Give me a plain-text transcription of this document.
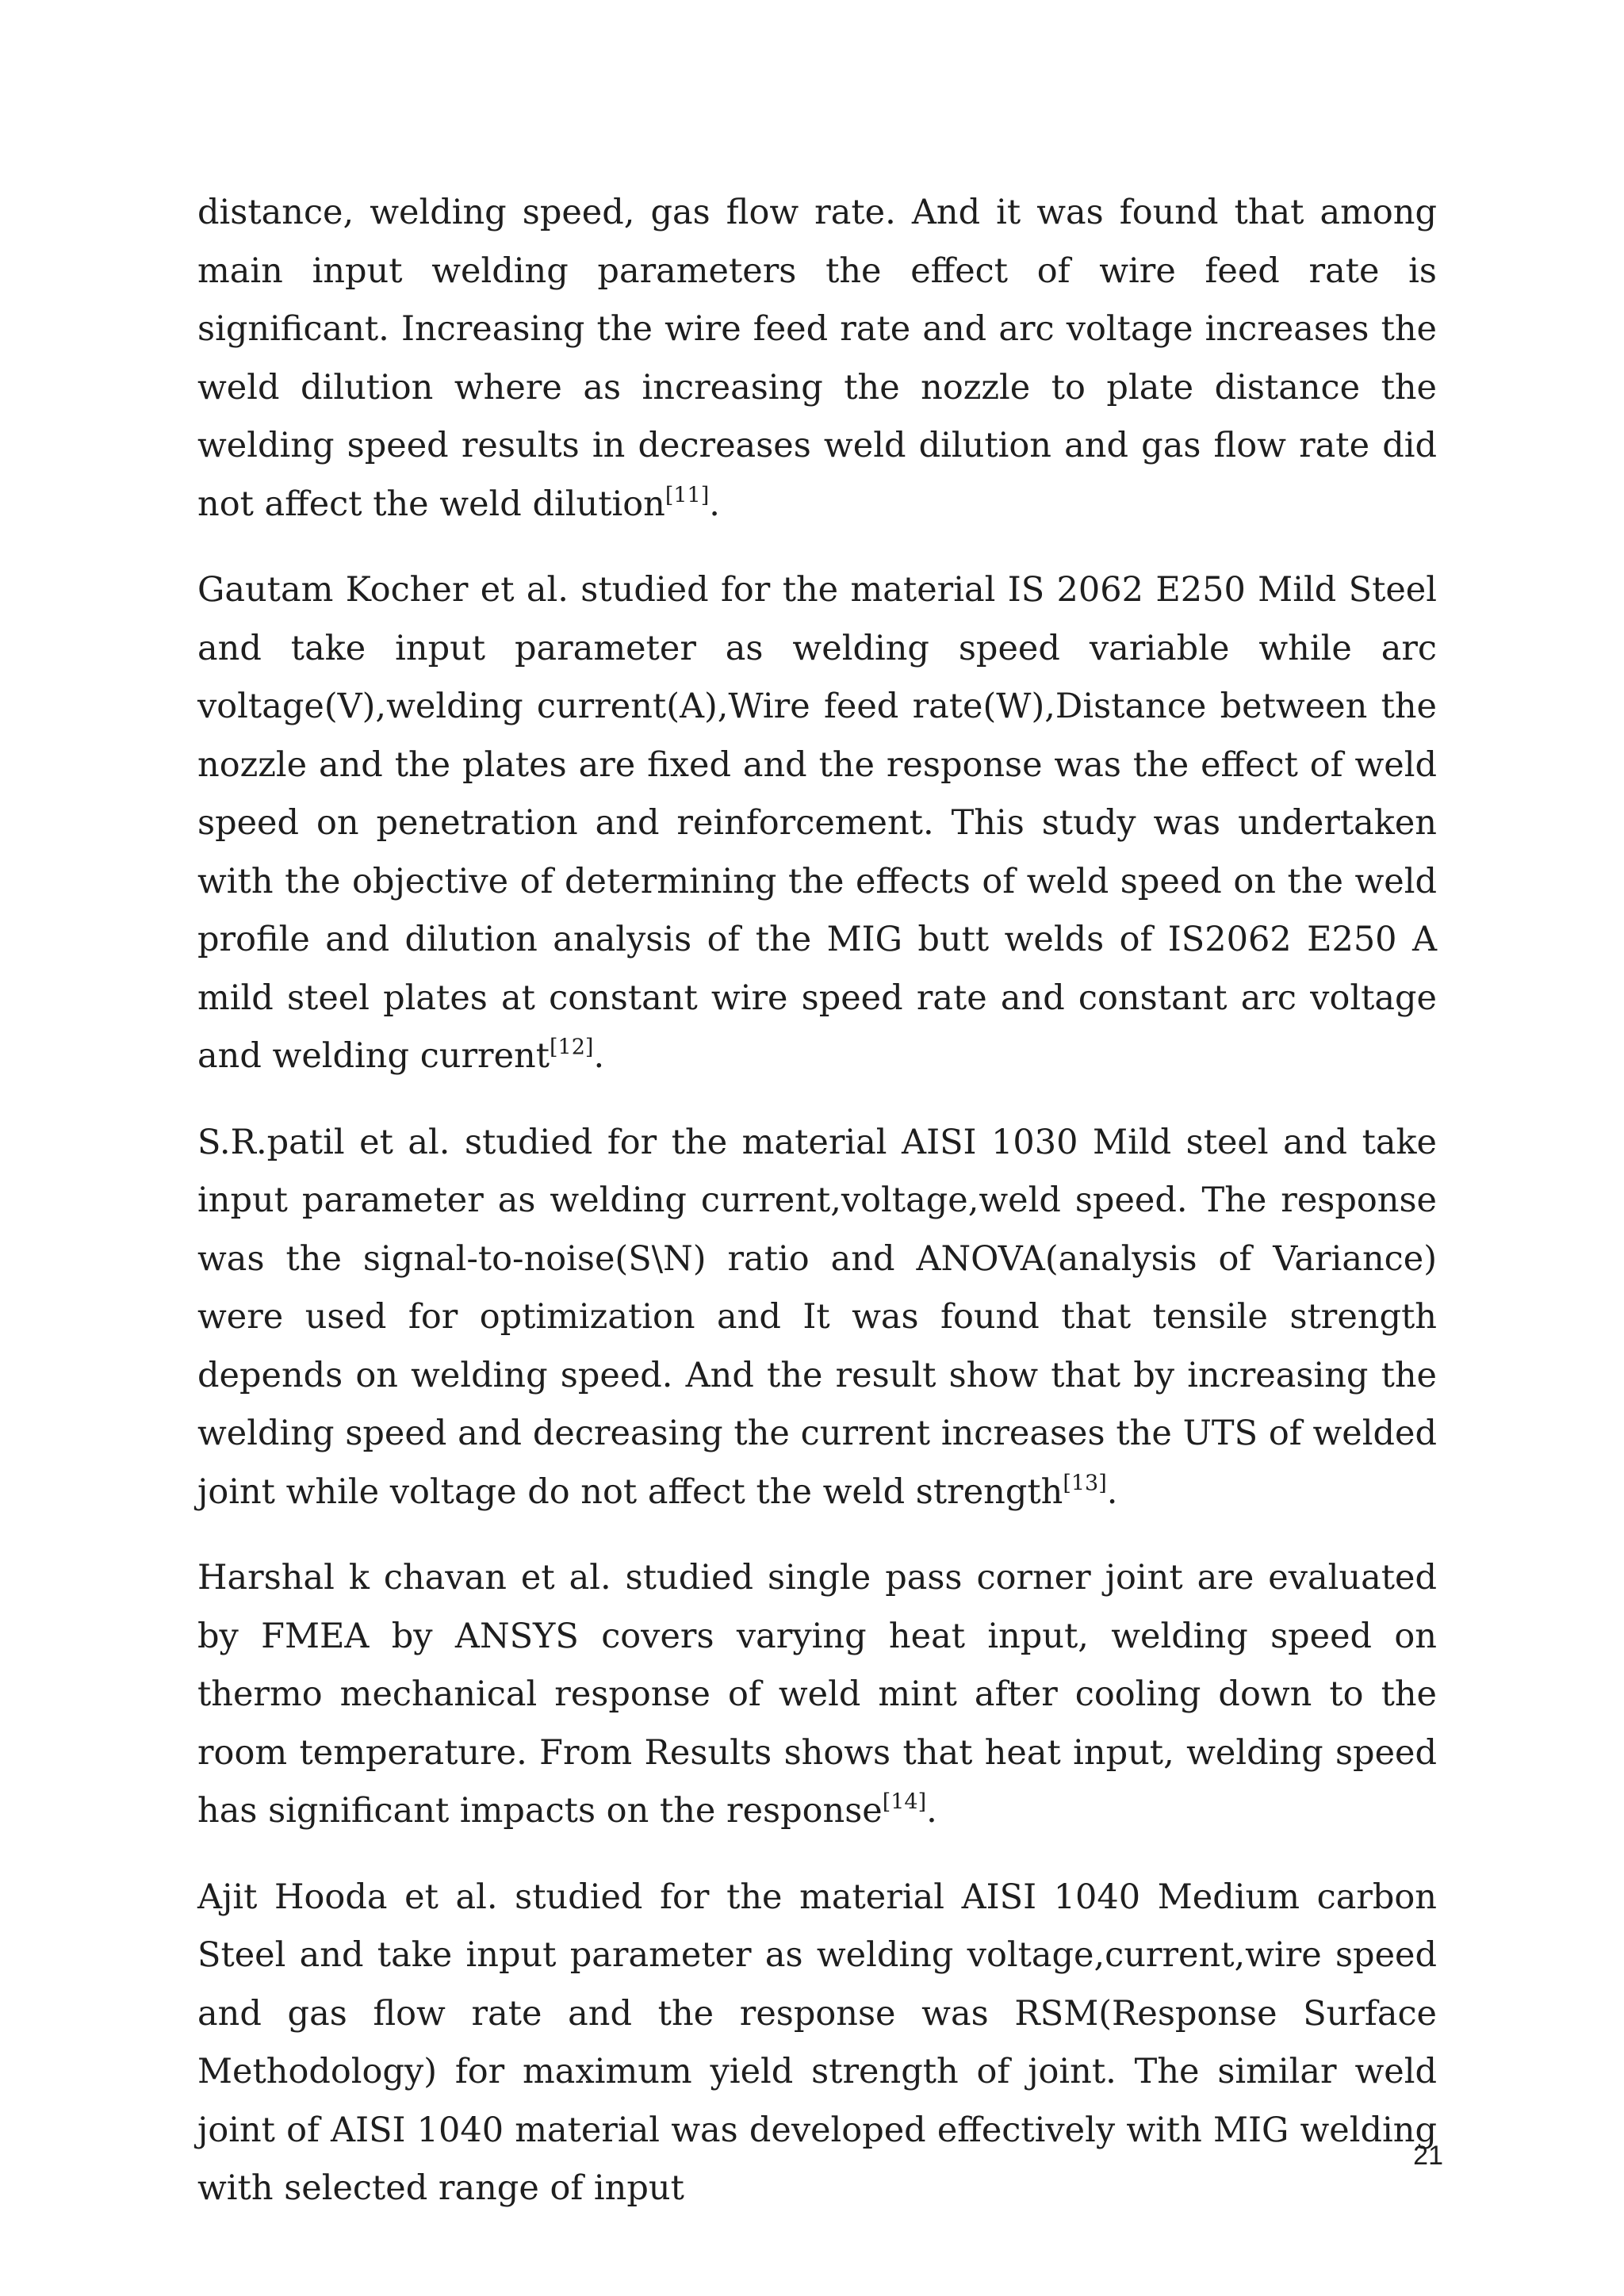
distance, welding speed, gas flow rate. And it was found that among main input welding parameters the effect of wire feed rate is significant. Increasing the wire feed rate and arc voltage increases the weld dilution where as increasing the nozzle to plate distance the welding speed results in decreases weld dilution and gas flow rate did not affect the weld dilution[11].

Gautam Kocher et al. studied for the material IS 2062 E250 Mild Steel and take input parameter as welding speed variable while arc voltage(V),welding current(A),Wire feed rate(W),Distance between the nozzle and the plates are fixed and the response was the effect of weld speed on penetration and reinforcement. This study was undertaken with the objective of determining the effects of weld speed on the weld profile and dilution analysis of the MIG butt welds of IS2062 E250 A mild steel plates at constant wire speed rate and constant arc voltage and welding current[12].

S.R.patil et al. studied for the material AISI 1030 Mild steel and take input parameter as welding current,voltage,weld speed. The response was the signal-to-noise(S\N) ratio and ANOVA(analysis of Variance) were used for optimization and It was found that tensile strength depends on welding speed. And the result show that by increasing the welding speed and decreasing the current increases the UTS of welded joint while voltage do not affect the weld strength[13].

Harshal k chavan et al. studied single pass corner joint are evaluated by FMEA by ANSYS covers varying heat input, welding speed on thermo mechanical response of weld mint after cooling down to the room temperature. From Results shows that heat input, welding speed has significant impacts on the response[14].

Ajit Hooda et al. studied for the material AISI 1040 Medium carbon Steel and take input parameter as welding voltage,current,wire speed and gas flow rate and the response was RSM(Response Surface Methodology) for maximum yield strength of joint. The similar weld joint of AISI 1040 material was developed effectively with MIG welding with selected range of input

21
